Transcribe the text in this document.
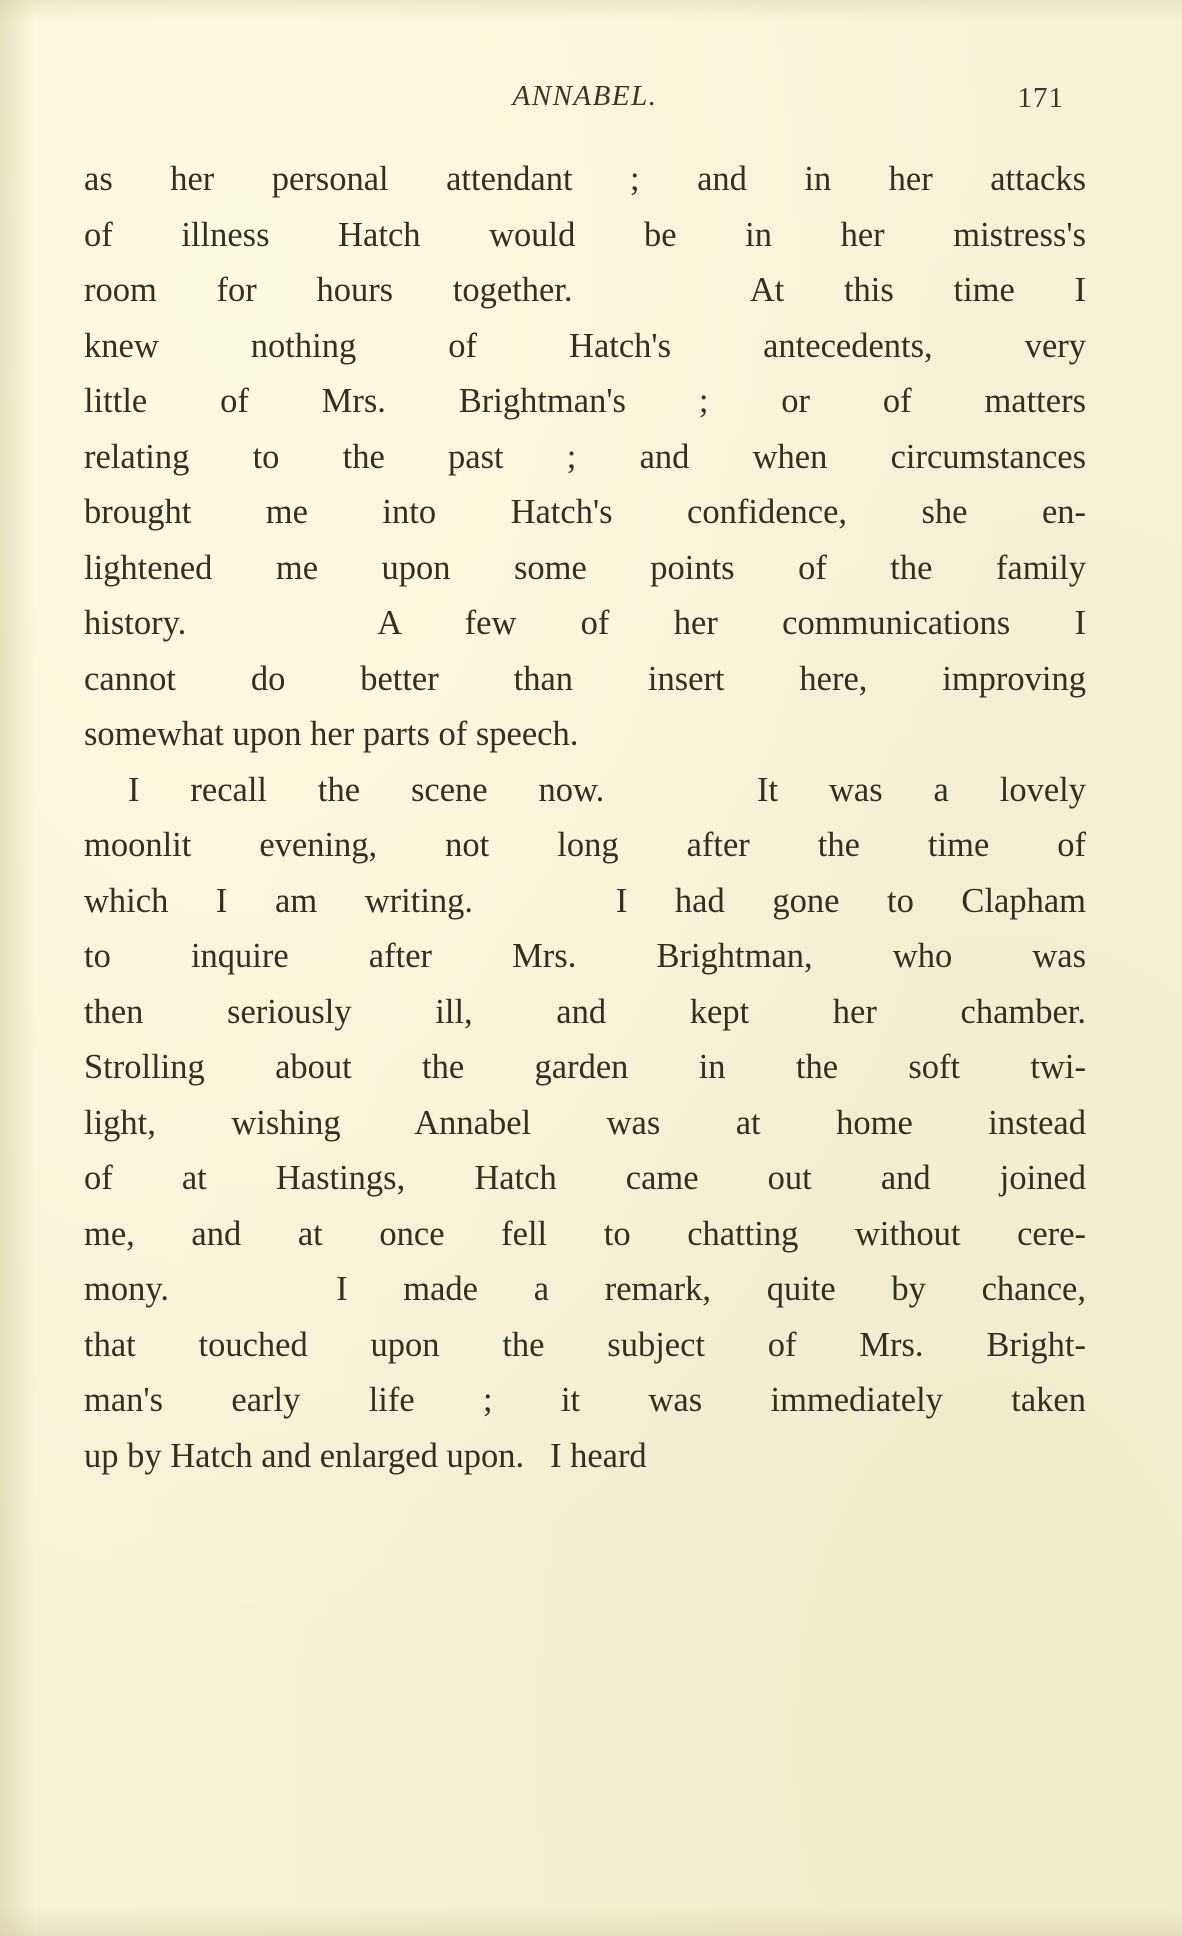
ANNABEL.	171

as her personal attendant ; and in her attacks
of illness Hatch would be in her mistress's
room for hours together.   At this time I
knew nothing of Hatch's antecedents, very
little of Mrs. Brightman's ; or of matters
relating to the past ; and when circumstances
brought me into Hatch's confidence, she en-
lightened me upon some points of the family
history.   A few of her communications I
cannot do better than insert here, improving
somewhat upon her parts of speech.

I recall the scene now.   It was a lovely
moonlit evening, not long after the time of
which I am writing.   I had gone to Clapham
to inquire after Mrs. Brightman, who was
then seriously ill, and kept her chamber.
Strolling about the garden in the soft twi-
light, wishing Annabel was at home instead
of at Hastings, Hatch came out and joined
me, and at once fell to chatting without cere-
mony.   I made a remark, quite by chance,
that touched upon the subject of Mrs. Bright-
man's early life ; it was immediately taken
up by Hatch and enlarged upon.   I heard
